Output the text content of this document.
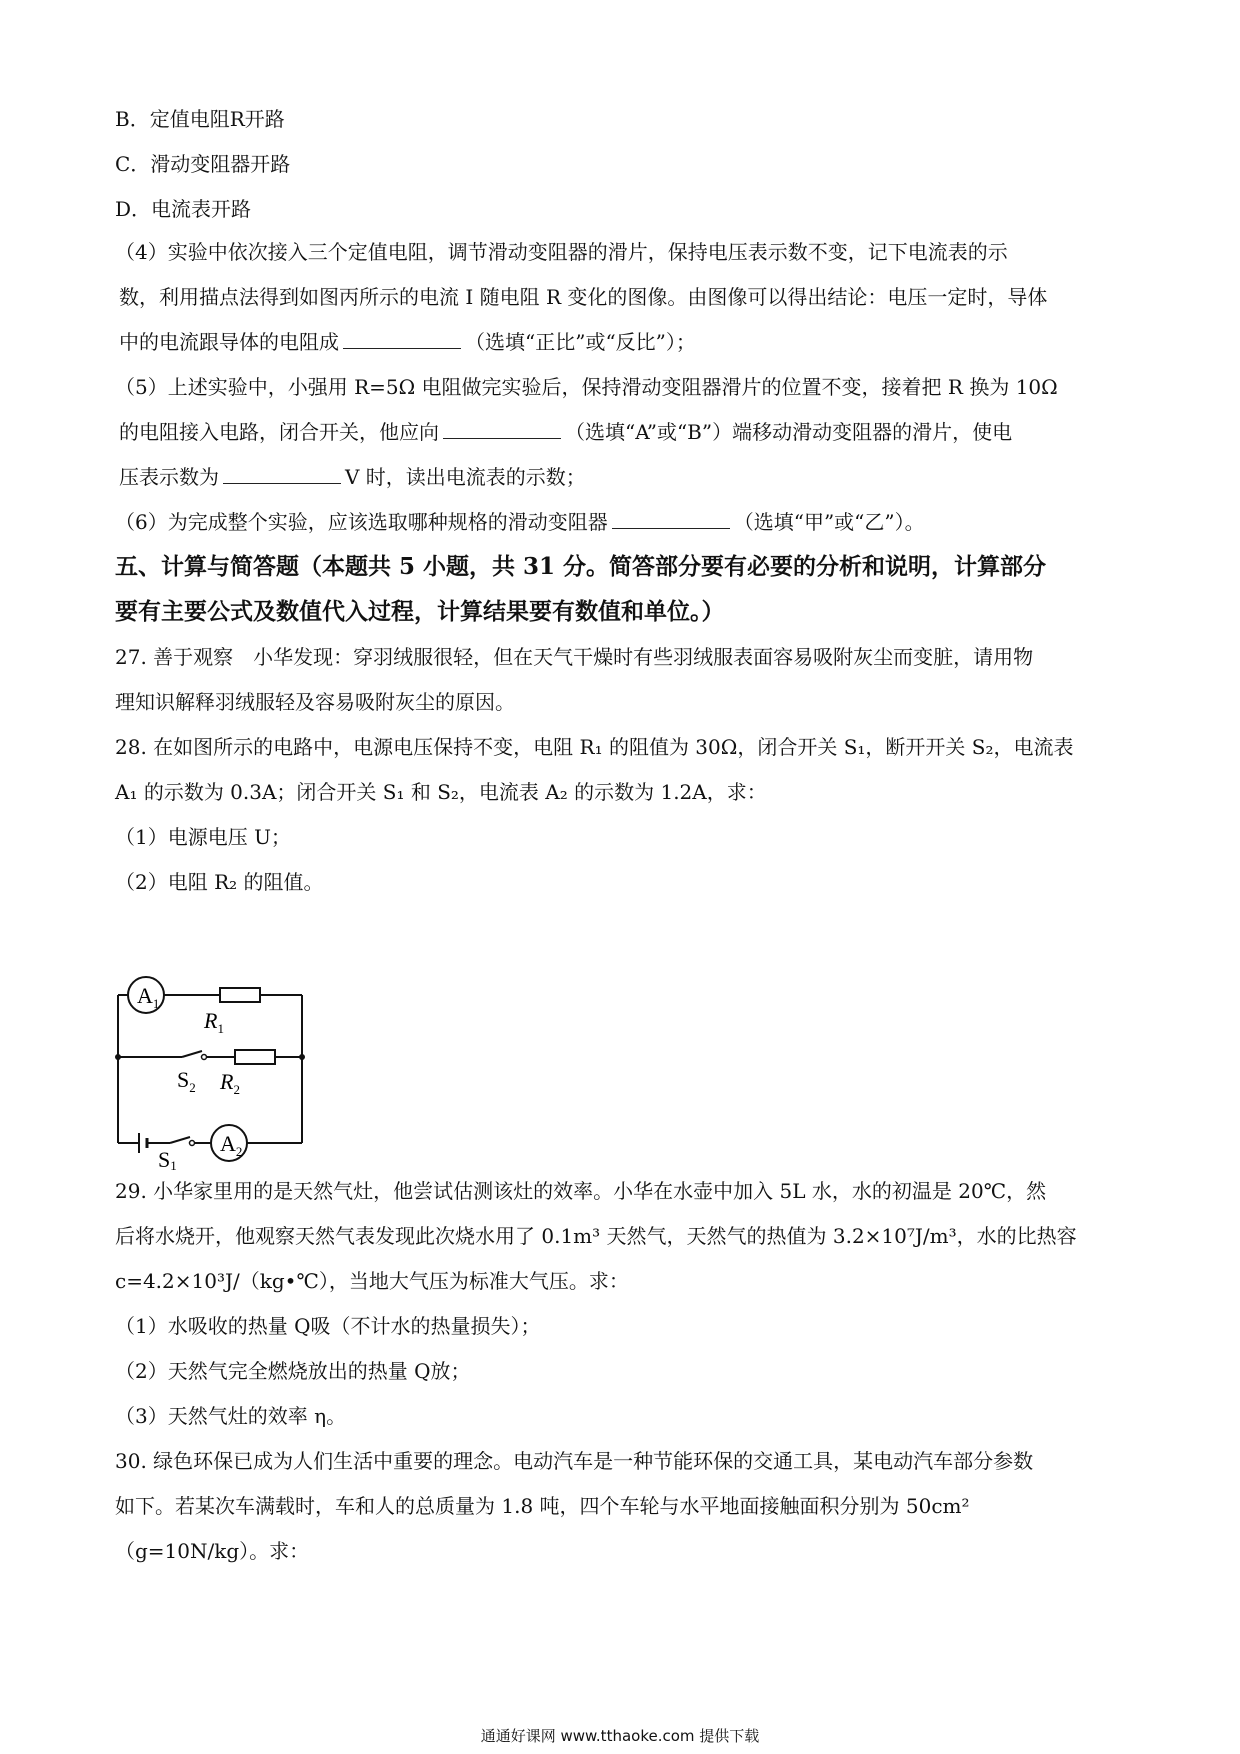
B．定值电阻R开路
C．滑动变阻器开路
D．电流表开路
（4）实验中依次接入三个定值电阻，调节滑动变阻器的滑片，保持电压表示数不变，记下电流表的示
数，利用描点法得到如图丙所示的电流 I 随电阻 R 变化的图像。由图像可以得出结论：电压一定时，导体
中的电流跟导体的电阻成	（选填“正比”或“反比”）；
（5）上述实验中，小强用 R=5Ω 电阻做完实验后，保持滑动变阻器滑片的位置不变，接着把 R 换为 10Ω
的电阻接入电路，闭合开关，他应向	（选填“A”或“B”）端移动滑动变阻器的滑片，使电
压表示数为	V 时，读出电流表的示数；
（6）为完成整个实验，应该选取哪种规格的滑动变阻器	（选填“甲”或“乙”）。
五、计算与简答题（本题共 5 小题，共 31 分。简答部分要有必要的分析和说明，计算部分
要有主要公式及数值代入过程，计算结果要有数值和单位。）
27. 善于观察　小华发现：穿羽绒服很轻，但在天气干燥时有些羽绒服表面容易吸附灰尘而变脏，请用物
理知识解释羽绒服轻及容易吸附灰尘的原因。
28. 在如图所示的电路中，电源电压保持不变，电阻 R₁ 的阻值为 30Ω，闭合开关 S₁，断开开关 S₂，电流表
A₁ 的示数为 0.3A；闭合开关 S₁ 和 S₂，电流表 A₂ 的示数为 1.2A，求：
（1）电源电压 U；
（2）电阻 R₂ 的阻值。
$A_1$
$A_2$
$R_1$
$R_2$
$S_2$
S1
29. 小华家里用的是天然气灶，他尝试估测该灶的效率。小华在水壶中加入 5L 水，水的初温是 20℃，然
后将水烧开，他观察天然气表发现此次烧水用了 0.1m³ 天然气，天然气的热值为 3.2×10⁷J/m³，水的比热容
c=4.2×10³J/（kg•℃），当地大气压为标准大气压。求：
（1）水吸收的热量 Q吸（不计水的热量损失）；
（2）天然气完全燃烧放出的热量 Q放；
（3）天然气灶的效率 η。
30. 绿色环保已成为人们生活中重要的理念。电动汽车是一种节能环保的交通工具，某电动汽车部分参数
如下。若某次车满载时，车和人的总质量为 1.8 吨，四个车轮与水平地面接触面积分别为 50cm²
（g=10N/kg）。求：
通通好课网 www.tthaoke.com 提供下载
